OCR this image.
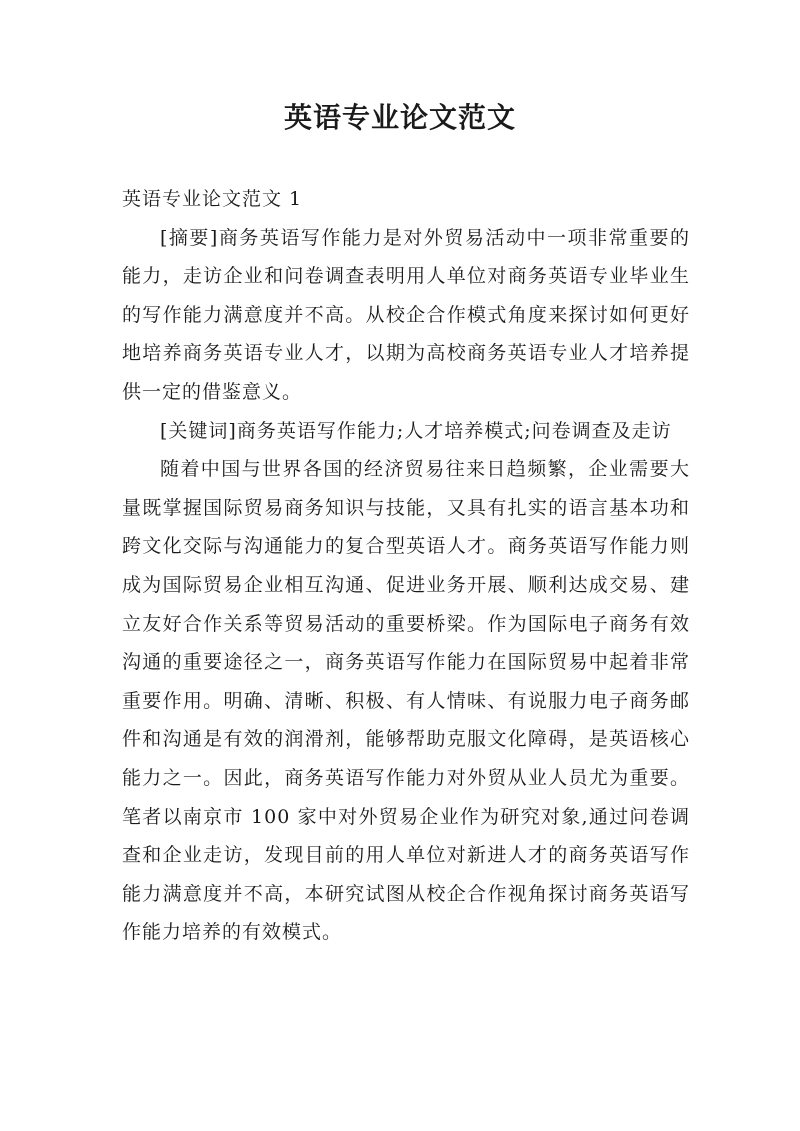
英语专业论文范文

英语专业论文范文 1

[摘要]商务英语写作能力是对外贸易活动中一项非常重要的能力，走访企业和问卷调查表明用人单位对商务英语专业毕业生的写作能力满意度并不高。从校企合作模式角度来探讨如何更好地培养商务英语专业人才，以期为高校商务英语专业人才培养提供一定的借鉴意义。

[关键词]商务英语写作能力;人才培养模式;问卷调查及走访

随着中国与世界各国的经济贸易往来日趋频繁，企业需要大量既掌握国际贸易商务知识与技能，又具有扎实的语言基本功和跨文化交际与沟通能力的复合型英语人才。商务英语写作能力则成为国际贸易企业相互沟通、促进业务开展、顺利达成交易、建立友好合作关系等贸易活动的重要桥梁。作为国际电子商务有效沟通的重要途径之一，商务英语写作能力在国际贸易中起着非常重要作用。明确、清晰、积极、有人情味、有说服力电子商务邮件和沟通是有效的润滑剂，能够帮助克服文化障碍，是英语核心能力之一。因此，商务英语写作能力对外贸从业人员尤为重要。笔者以南京市 100 家中对外贸易企业作为研究对象,通过问卷调查和企业走访，发现目前的用人单位对新进人才的商务英语写作能力满意度并不高，本研究试图从校企合作视角探讨商务英语写作能力培养的有效模式。
